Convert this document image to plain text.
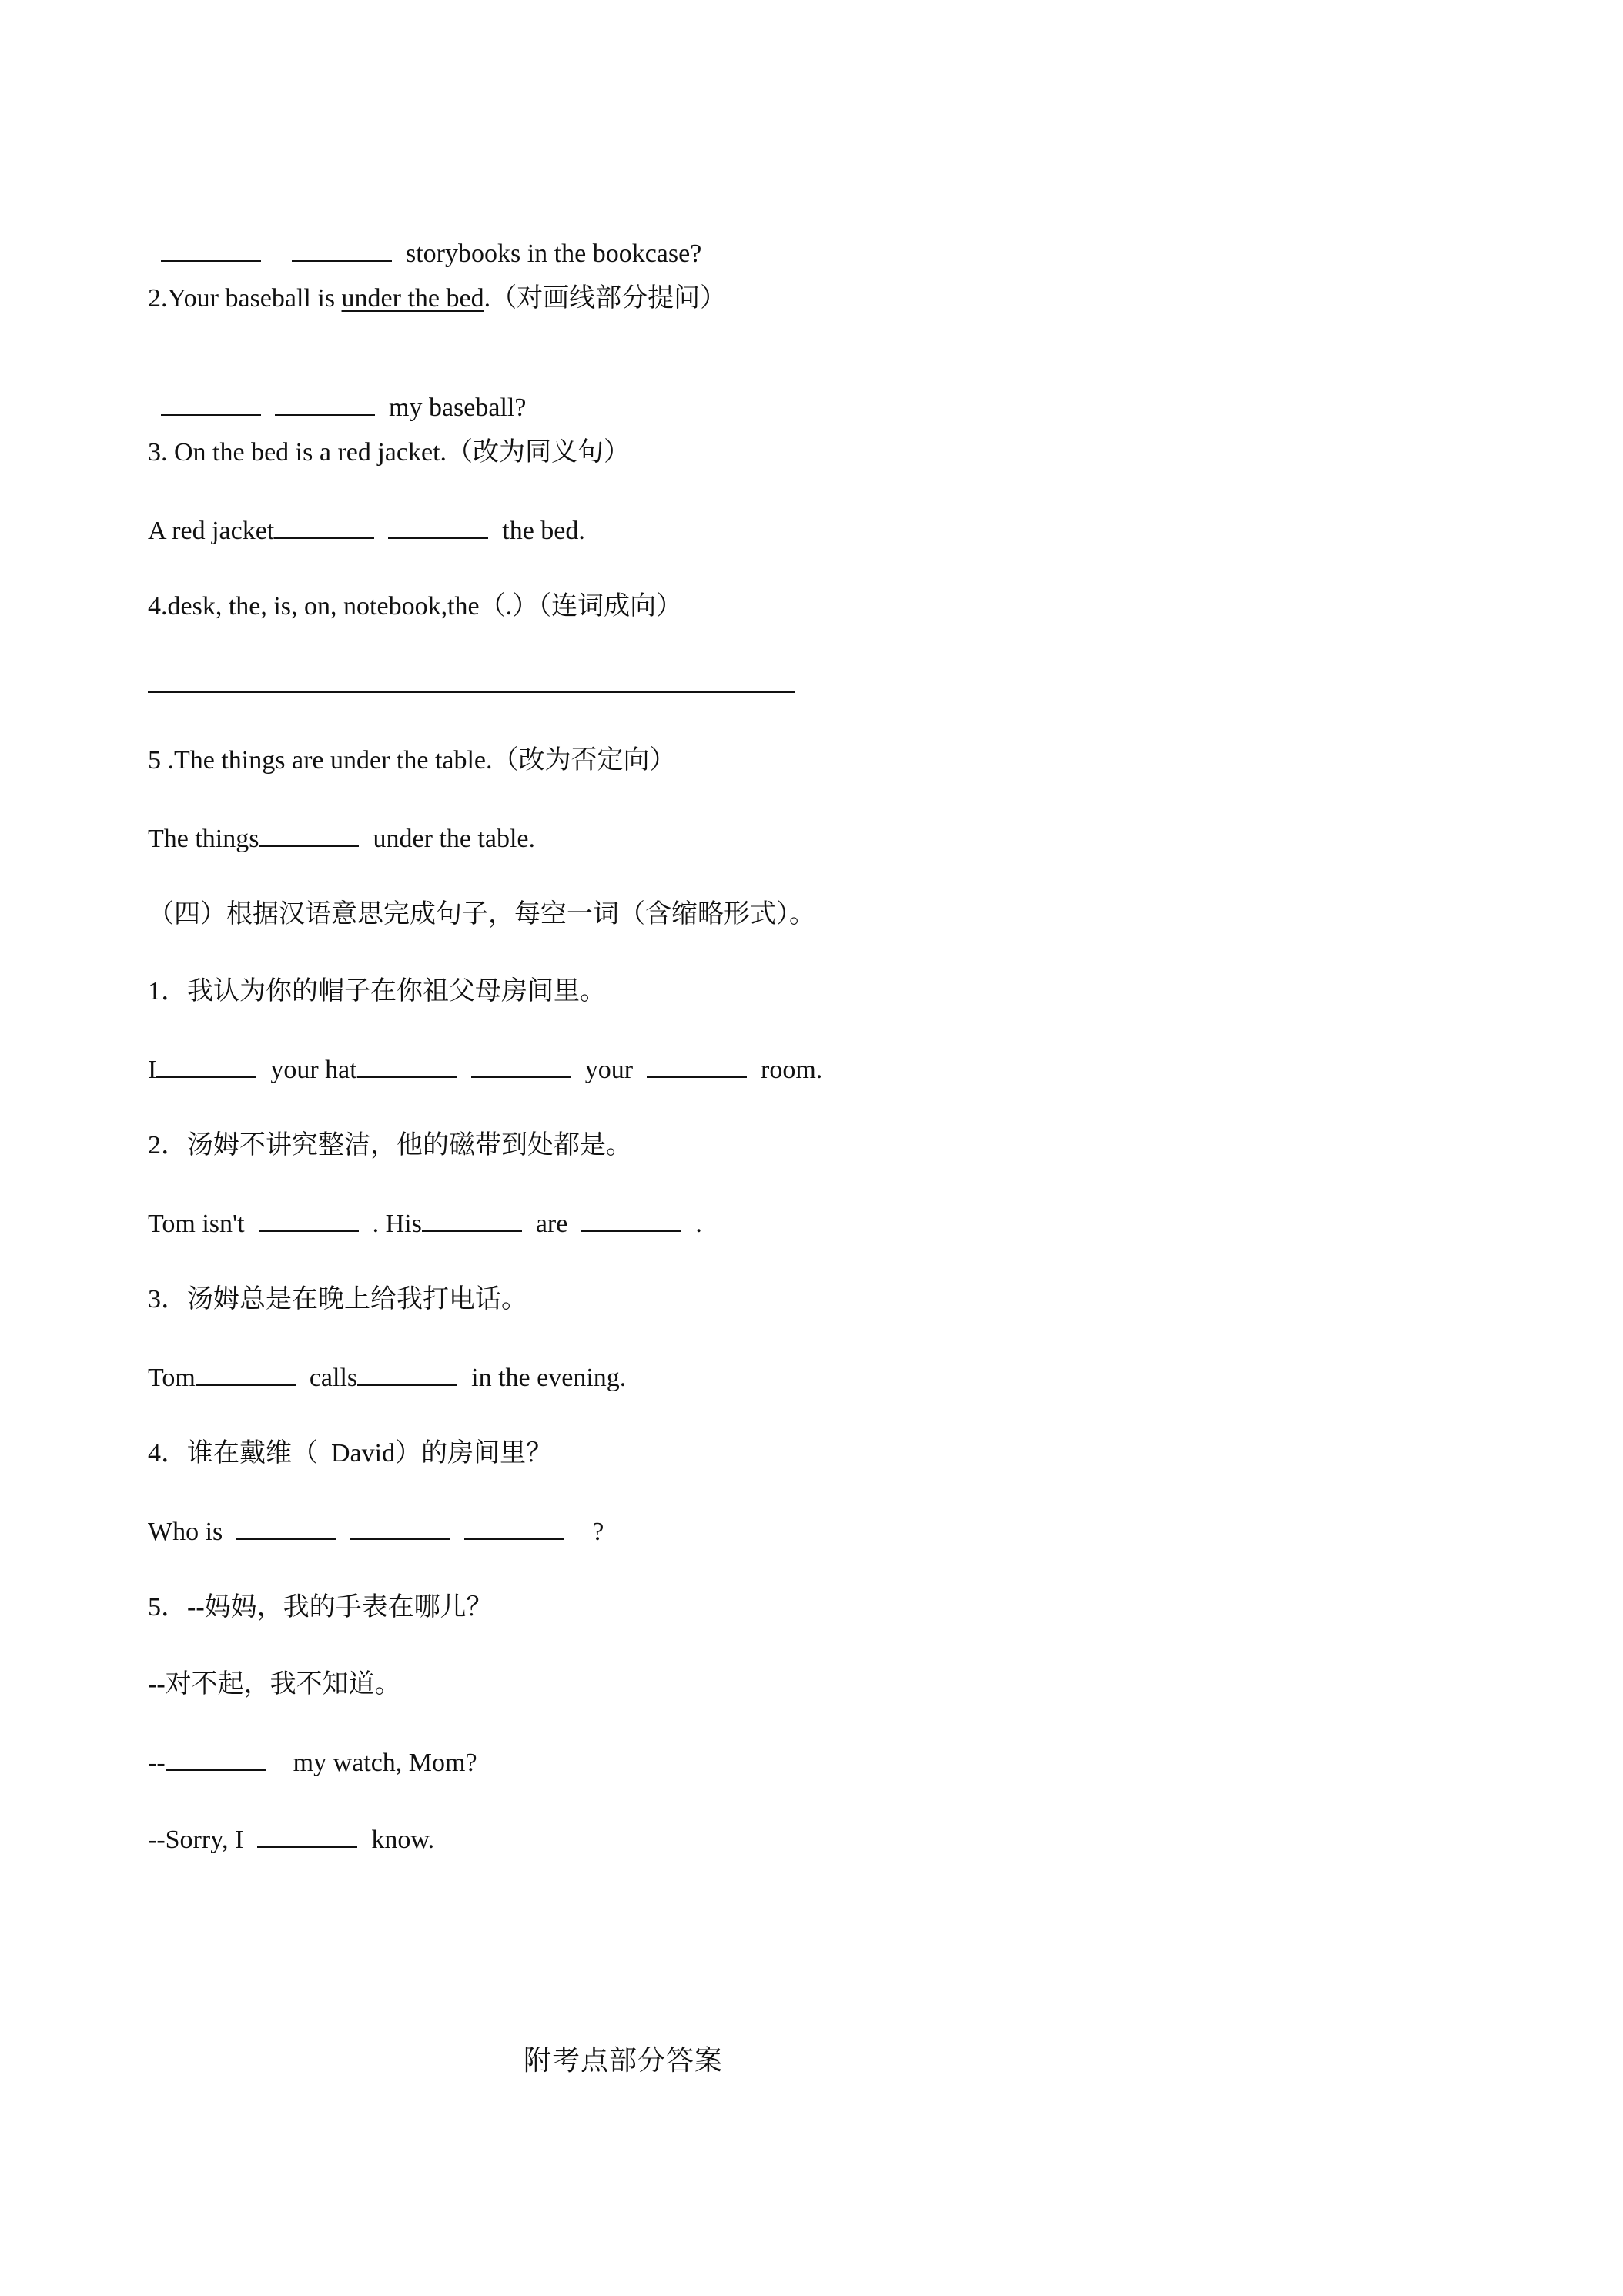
storybooks in the bookcase?

2.Your baseball is under the bed.（对画线部分提问）

my baseball?

3. On the bed is a red jacket.（改为同义句）
A red jacket	the bed.
4.desk, the, is, on, notebook,the（.）（连词成向）
5 .The things are under the table.（改为否定向）
The things	under the table.
（四）根据汉语意思完成句子，每空一词（含缩略形式）。
1．我认为你的帽子在你祖父母房间里。
I	your hat	your	room.
2．汤姆不讲究整洁，他的磁带到处都是。
Tom isn't	. His	are	.
3．汤姆总是在晚上给我打电话。
Tom	calls	in the evening.
4．谁在戴维（  David）的房间里？
Who is	?
5．--妈妈，我的手表在哪儿？
--对不起，我不知道。
--	my watch, Mom?
--Sorry, I	know.
附考点部分答案
